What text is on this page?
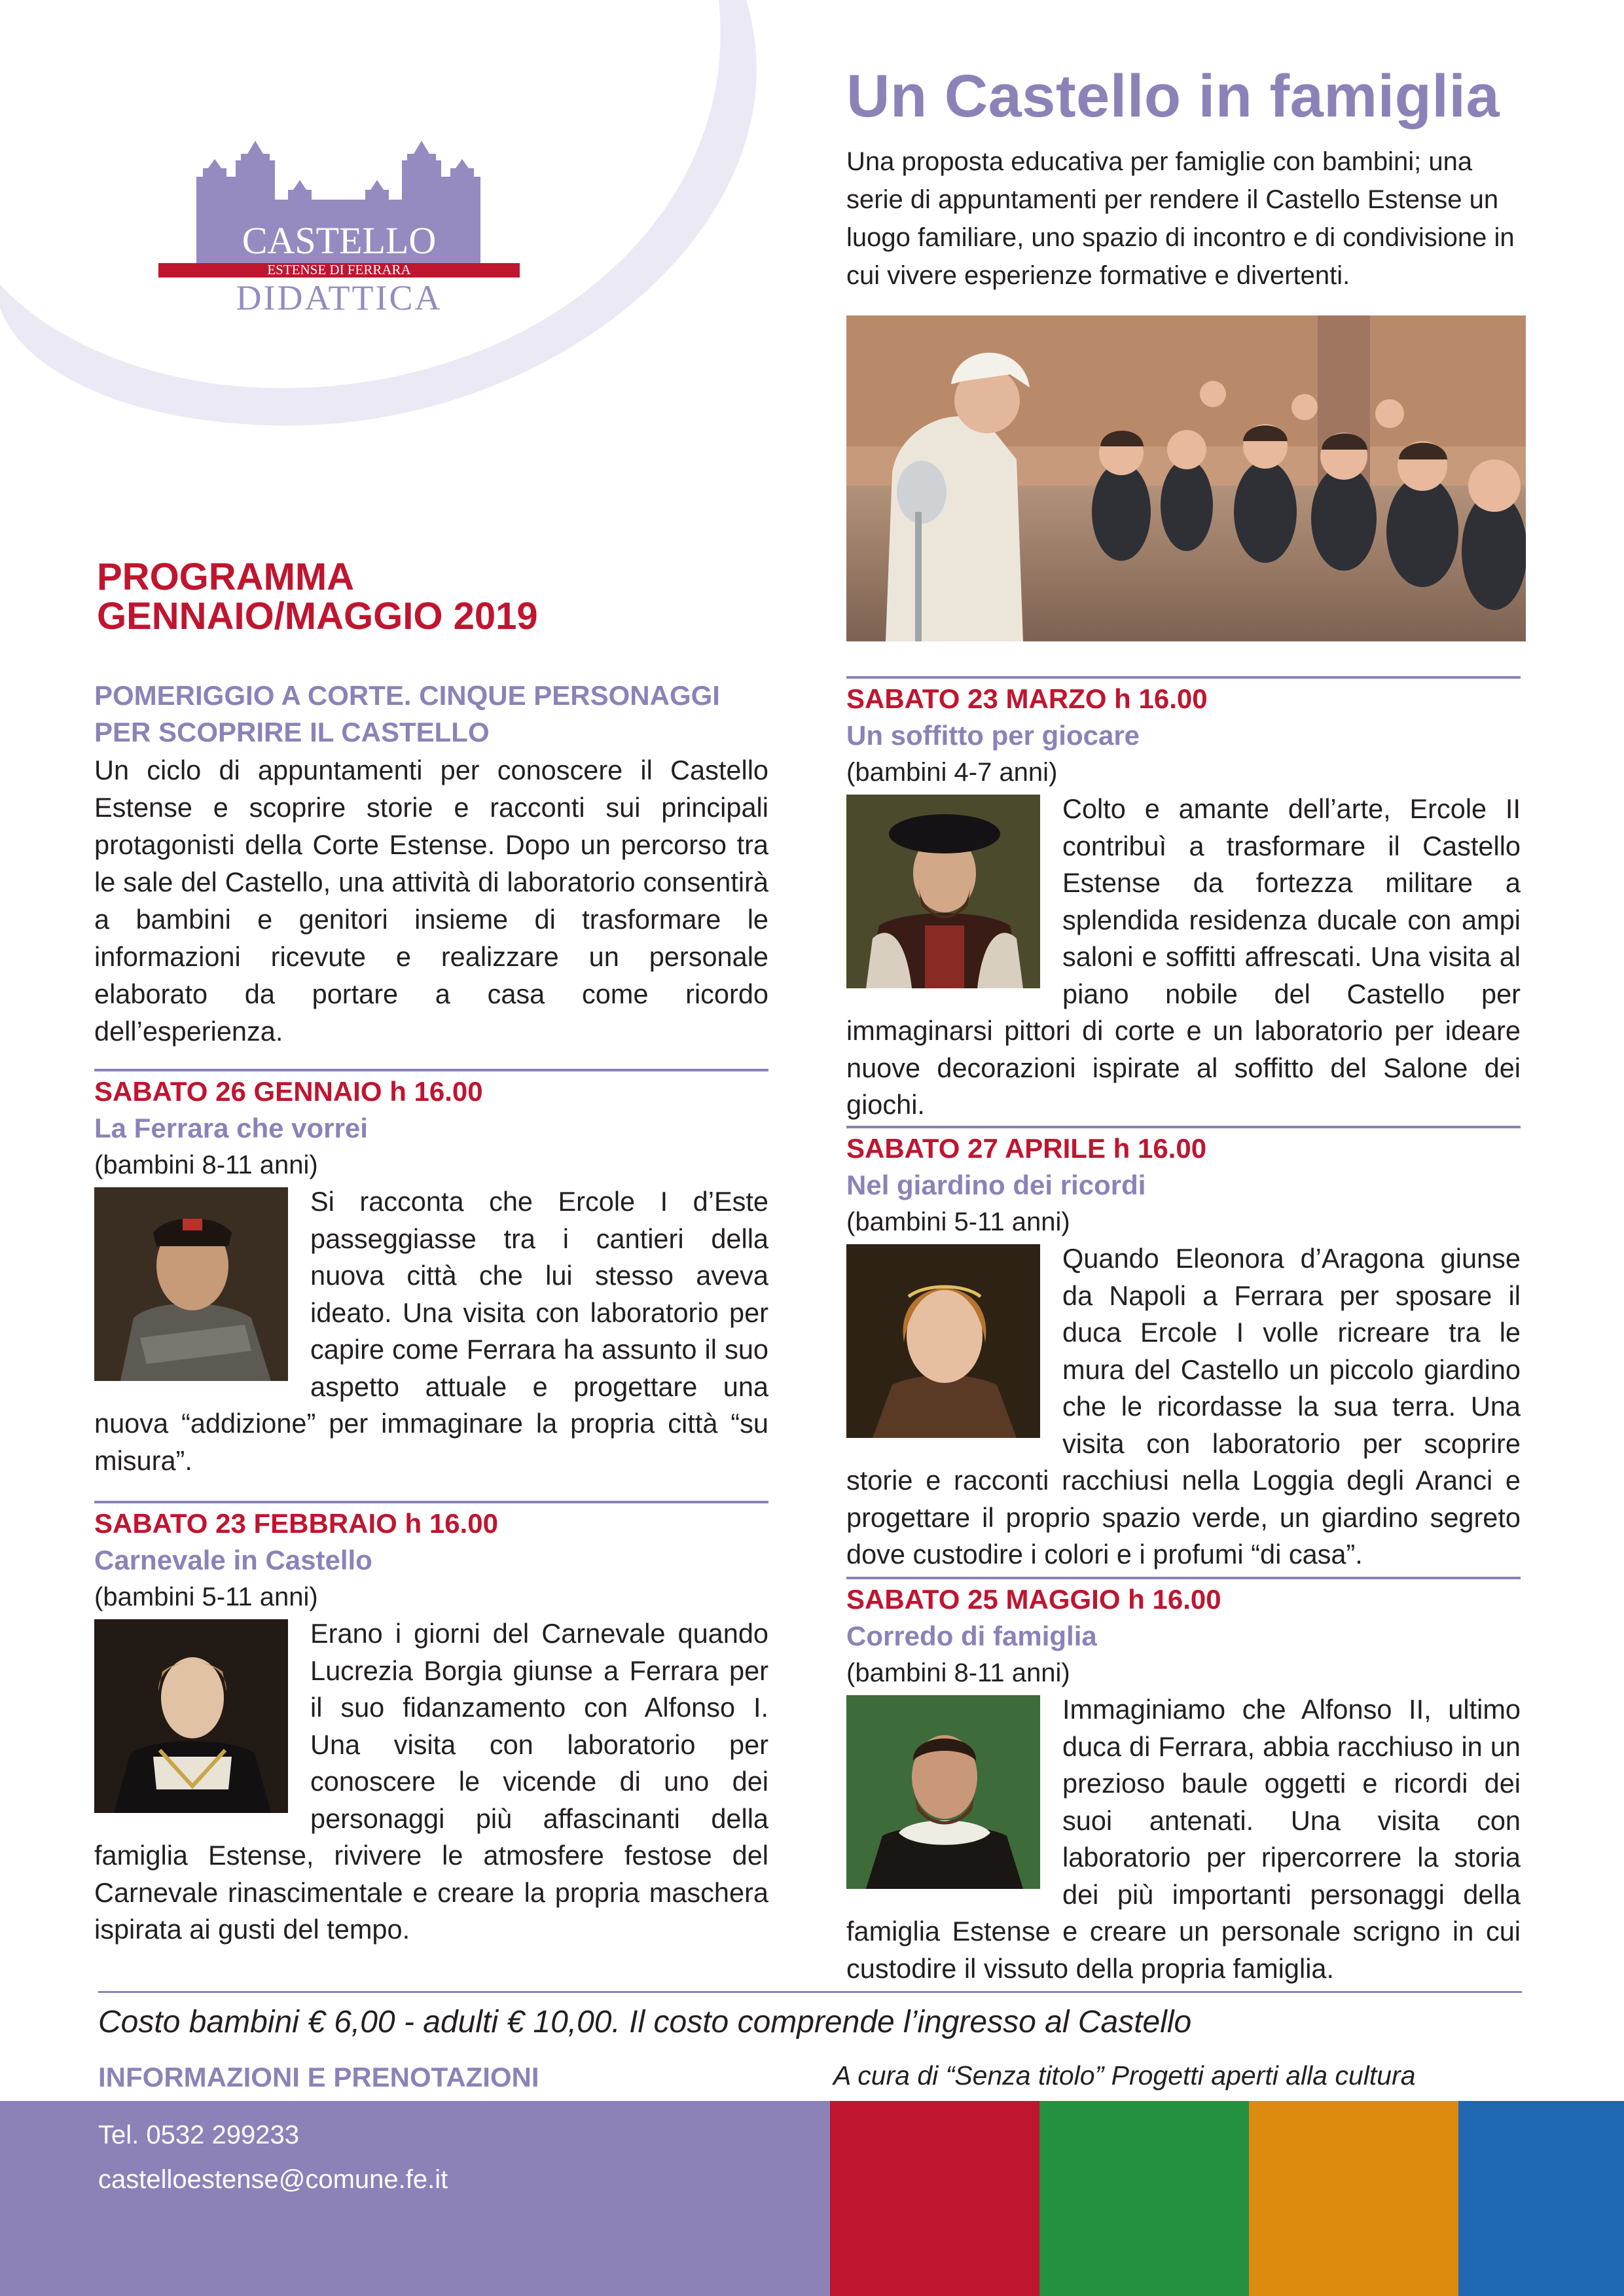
CASTELLO
ESTENSE DI FERRARA
DIDATTICA
Un Castello in famiglia
Una proposta educativa per famiglie con bambini; una serie di appuntamenti per rendere il Castello Estense un luogo familiare, uno spazio di incontro e di condivisione in cui vivere esperienze formative e divertenti.
PROGRAMMA
GENNAIO/MAGGIO 2019
POMERIGGIO A CORTE. CINQUE PERSONAGGI PER SCOPRIRE IL CASTELLO
Un ciclo di appuntamenti per conoscere il Castello Estense e scoprire storie e racconti sui principali protagonisti della Corte Estense. Dopo un percorso tra le sale del Castello, una attività di laboratorio consentirà a bambini e genitori insieme di trasformare le informazioni ricevute e realizzare un personale elaborato da portare a casa come ricordo dell’esperienza.
SABATO 26 GENNAIO h 16.00
La Ferrara che vorrei
(bambini 8-11 anni)
Si racconta che Ercole I d’Este passeggiasse tra i cantieri della nuova città che lui stesso aveva ideato. Una visita con laboratorio per capire come Ferrara ha assunto il suo aspetto attuale e progettare una nuova “addizione” per immaginare la propria città “su misura”.
SABATO 23 FEBBRAIO h 16.00
Carnevale in Castello
(bambini 5-11 anni)
Erano i giorni del Carnevale quando Lucrezia Borgia giunse a Ferrara per il suo fidanzamento con Alfonso I. Una visita con laboratorio per conoscere le vicende di uno dei personaggi più affascinanti della famiglia Estense, rivivere le atmosfere festose del Carnevale rinascimentale e creare la propria maschera ispirata ai gusti del tempo.
SABATO 23 MARZO h 16.00
Un soffitto per giocare
(bambini 4-7 anni)
Colto e amante dell’arte, Ercole II contribuì a trasformare il Castello Estense da fortezza militare a splendida residenza ducale con ampi saloni e soffitti affrescati. Una visita al piano nobile del Castello per immaginarsi pittori di corte e un laboratorio per ideare nuove decorazioni ispirate al soffitto del Salone dei giochi.
SABATO 27 APRILE h 16.00
Nel giardino dei ricordi
(bambini 5-11 anni)
Quando Eleonora d’Aragona giunse da Napoli a Ferrara per sposare il duca Ercole I volle ricreare tra le mura del Castello un piccolo giardino che le ricordasse la sua terra. Una visita con laboratorio per scoprire storie e racconti racchiusi nella Loggia degli Aranci e progettare il proprio spazio verde, un giardino segreto dove custodire i colori e i profumi “di casa”.
SABATO 25 MAGGIO h 16.00
Corredo di famiglia
(bambini 8-11 anni)
Immaginiamo che Alfonso II, ultimo duca di Ferrara, abbia racchiuso in un prezioso baule oggetti e ricordi dei suoi antenati. Una visita con laboratorio per ripercorrere la storia dei più importanti personaggi della famiglia Estense e creare un personale scrigno in cui custodire il vissuto della propria famiglia.
Costo bambini € 6,00 - adulti € 10,00. Il costo comprende l’ingresso al Castello
INFORMAZIONI E PRENOTAZIONI	A cura di “Senza titolo” Progetti aperti alla cultura
Tel. 0532 299233
castelloestense@comune.fe.it
